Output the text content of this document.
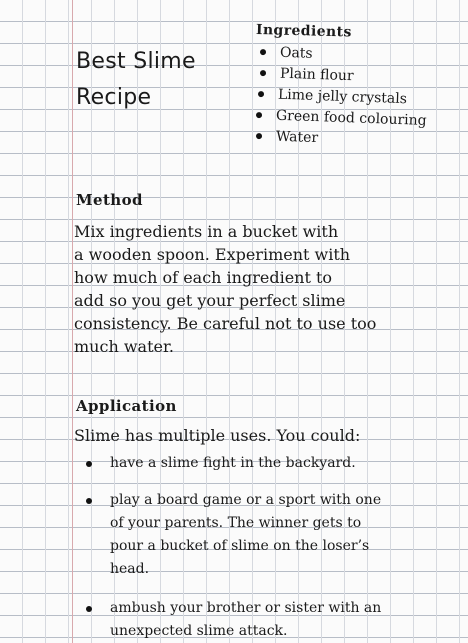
Best Slime
Recipe
Ingredients
Oats
Plain flour
Lime jelly crystals
Green food colouring
Water
Method

Mix ingredients in a bucket with
a wooden spoon. Experiment with
how much of each ingredient to
add so you get your perfect slime
consistency. Be careful not to use too
much water.

Application

Slime has multiple uses. You could:

have a slime fight in the backyard.
play a board game or a sport with one
of your parents. The winner gets to
pour a bucket of slime on the loser’s
head.
ambush your brother or sister with an
unexpected slime attack.
